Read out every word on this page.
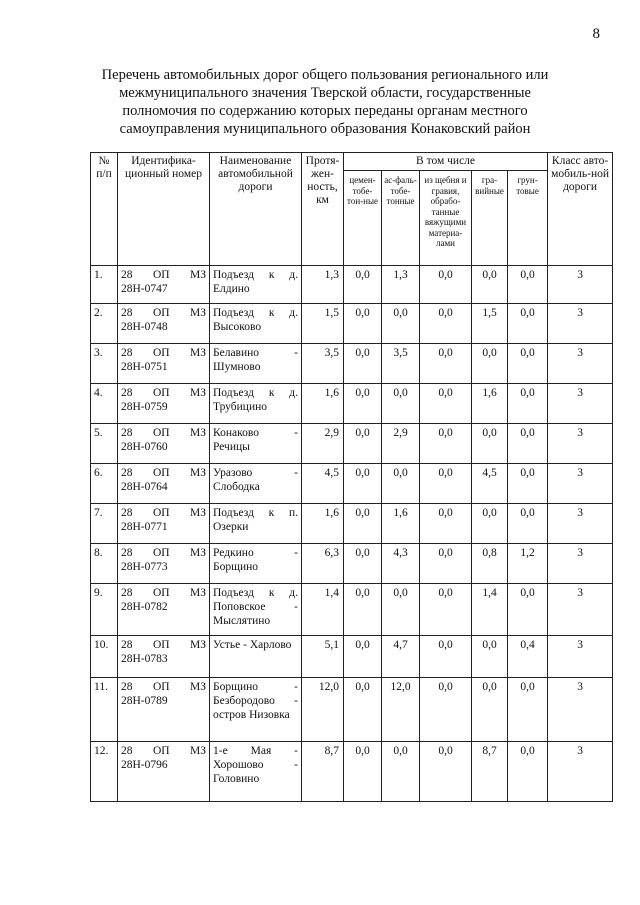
8
Перечень автомобильных дорог общего пользования регионального или
межмуниципального значения Тверской области, государственные
полномочия по содержанию которых переданы органам местного
самоуправления муниципального образования Конаковский район
№ п/п	Идентифика-ционный номер	Наименование автомобильной дороги	Протя-жен-ность, км	В том числе					Класс авто-мобиль-ной дороги
				цемен-тобе-тон-ные	ас-фаль-тобе-тонные	из щебня и гравия, обрабо-танные вяжущими материа-лами	гра-вийные	грун-товые	
1.	28 ОП МЗ 28Н-0747	Подъезд к д. Елдино	1,3	0,0	1,3	0,0	0,0	0,0	3
2.	28 ОП МЗ 28Н-0748	Подъезд к д. Высоково	1,5	0,0	0,0	0,0	1,5	0,0	3
3.	28 ОП МЗ 28Н-0751	Белавино - Шумново	3,5	0,0	3,5	0,0	0,0	0,0	3
4.	28 ОП МЗ 28Н-0759	Подъезд к д. Трубицино	1,6	0,0	0,0	0,0	1,6	0,0	3
5.	28 ОП МЗ 28Н-0760	Конаково - Речицы	2,9	0,0	2,9	0,0	0,0	0,0	3
6.	28 ОП МЗ 28Н-0764	Уразово - Слободка	4,5	0,0	0,0	0,0	4,5	0,0	3
7.	28 ОП МЗ 28Н-0771	Подъезд к п. Озерки	1,6	0,0	1,6	0,0	0,0	0,0	3
8.	28 ОП МЗ 28Н-0773	Редкино - Борщино	6,3	0,0	4,3	0,0	0,8	1,2	3
9.	28 ОП МЗ 28Н-0782	Подъезд к д. Поповское - Мыслятино	1,4	0,0	0,0	0,0	1,4	0,0	3
10.	28 ОП МЗ 28Н-0783	Устье - Харлово	5,1	0,0	4,7	0,0	0,0	0,4	3
11.	28 ОП МЗ 28Н-0789	Борщино - Безбородово - остров Низовка	12,0	0,0	12,0	0,0	0,0	0,0	3
12.	28 ОП МЗ 28Н-0796	1-е Мая - Хорошово - Головино	8,7	0,0	0,0	0,0	8,7	0,0	3
